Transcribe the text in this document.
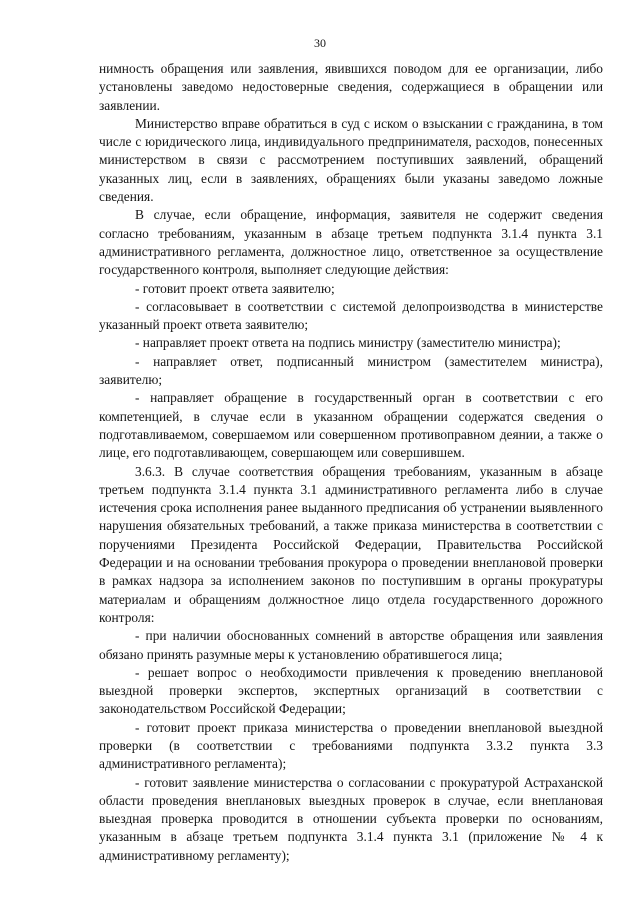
30

нимность обращения или заявления, явившихся поводом для ее организации, либо установлены заведомо недостоверные сведения, содержащиеся в обращении или заявлении.

Министерство вправе обратиться в суд с иском о взыскании с гражданина, в том числе с юридического лица, индивидуального предпринимателя, расходов, понесенных министерством в связи с рассмотрением поступивших заявлений, обращений указанных лиц, если в заявлениях, обращениях были указаны заведомо ложные сведения.

В случае, если обращение, информация, заявителя не содержит сведения согласно требованиям, указанным в абзаце третьем подпункта 3.1.4 пункта 3.1 административного регламента, должностное лицо, ответственное за осуществление государственного контроля, выполняет следующие действия:

- готовит проект ответа заявителю;

- согласовывает в соответствии с системой делопроизводства в министерстве указанный проект ответа заявителю;

- направляет проект ответа на подпись министру (заместителю министра);

- направляет ответ, подписанный министром (заместителем министра), заявителю;

- направляет обращение в государственный орган в соответствии с его компетенцией, в случае если в указанном обращении содержатся сведения о подготавливаемом, совершаемом или совершенном противоправном деянии, а также о лице, его подготавливающем, совершающем или совершившем.

3.6.3. В случае соответствия обращения требованиям, указанным в абзаце третьем подпункта 3.1.4 пункта 3.1 административного регламента либо в случае истечения срока исполнения ранее выданного предписания об устранении выявленного нарушения обязательных требований, а также приказа министерства в соответствии с поручениями Президента Российской Федерации, Правительства Российской Федерации и на основании требования прокурора о проведении внеплановой проверки в рамках надзора за исполнением законов по поступившим в органы прокуратуры материалам и обращениям должностное лицо отдела государственного дорожного контроля:

- при наличии обоснованных сомнений в авторстве обращения или заявления обязано принять разумные меры к установлению обратившегося лица;

- решает вопрос о необходимости привлечения к проведению внеплановой выездной проверки экспертов, экспертных организаций в соответствии с законодательством Российской Федерации;

- готовит проект приказа министерства о проведении внеплановой выездной проверки (в соответствии с требованиями подпункта 3.3.2 пункта 3.3 административного регламента);

- готовит заявление министерства о согласовании с прокуратурой Астраханской области проведения внеплановых выездных проверок в случае, если внеплановая выездная проверка проводится в отношении субъекта проверки по основаниям, указанным в абзаце третьем подпункта 3.1.4 пункта 3.1 (приложение № 4 к административному регламенту);
